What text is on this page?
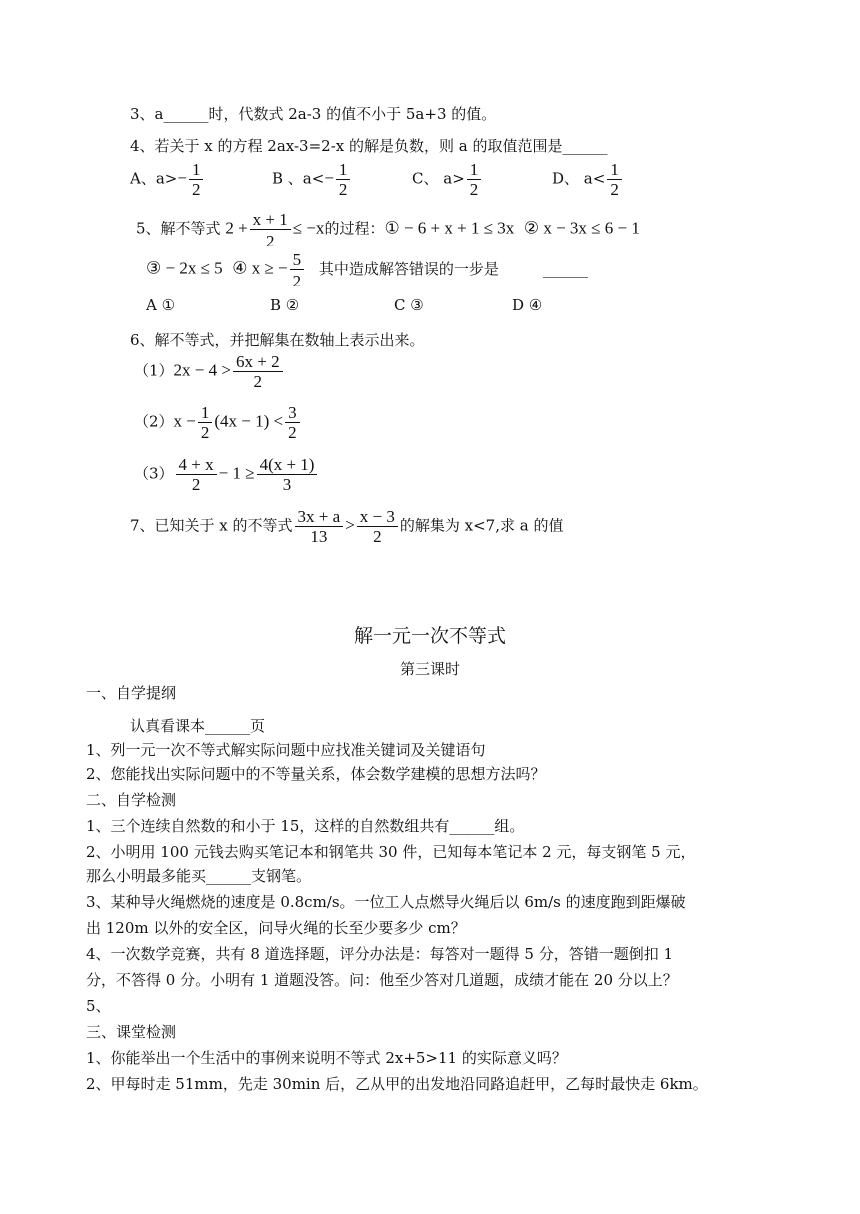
3、a______时，代数式 2a-3 的值不小于 5a+3 的值。
4、若关于 x 的方程 2ax-3=2-x 的解是负数，则 a 的取值范围是______
A、$a>- \frac{1}{2}$	B 、$a<- \frac{1}{2}$	C、 $a> \frac{1}{2}$	D、 $a< \frac{1}{2}$
5、解不等式 $2 + \frac{x + 1}{2} \le -x$的过程：① − 6 + x + 1 ≤ 3x ② x − 3x ≤ 6 − 1
③ − 2x ≤ 5 ④ x ≥ − $\frac{5}{2}$ 其中造成解答错误的一步是	______
A ①	B ②	C ③	D ④
6、解不等式，并把解集在数轴上表示出来。
$(1)2x - 4 > \frac{6x + 2}{2}$
$(2)x - \frac{1}{2} (4x - 1) < \frac{3}{2}$
$(3) \frac{4 + x}{2} - 1 \ge \frac{4(x + 1)}{3}$
7、已知关于 x 的不等式 $\frac{3x + a}{13} > \frac{x - 3}{2}$ 的解集为 x<7,求 a 的值
解一元一次不等式
第三课时
一、自学提纲
认真看课本______页
1、列一元一次不等式解实际问题中应找准关键词及关键语句
2、您能找出实际问题中的不等量关系，体会数学建模的思想方法吗？
二、自学检测
1、三个连续自然数的和小于 15，这样的自然数组共有______组。
2、小明用 100 元钱去购买笔记本和钢笔共 30 件，已知每本笔记本 2 元，每支钢笔 5 元，
那么小明最多能买______支钢笔。
3、某种导火绳燃烧的速度是 0.8cm/s。一位工人点燃导火绳后以 6m/s 的速度跑到距爆破
出 120m 以外的安全区，问导火绳的长至少要多少 cm？
4、一次数学竞赛，共有 8 道选择题，评分办法是：每答对一题得 5 分，答错一题倒扣 1
分，不答得 0 分。小明有 1 道题没答。问：他至少答对几道题，成绩才能在 20 分以上？
5、
三、课堂检测
1、你能举出一个生活中的事例来说明不等式 2x+5>11 的实际意义吗？
2、甲每时走 51mm，先走 30min 后，乙从甲的出发地沿同路追赶甲，乙每时最快走 6km。
